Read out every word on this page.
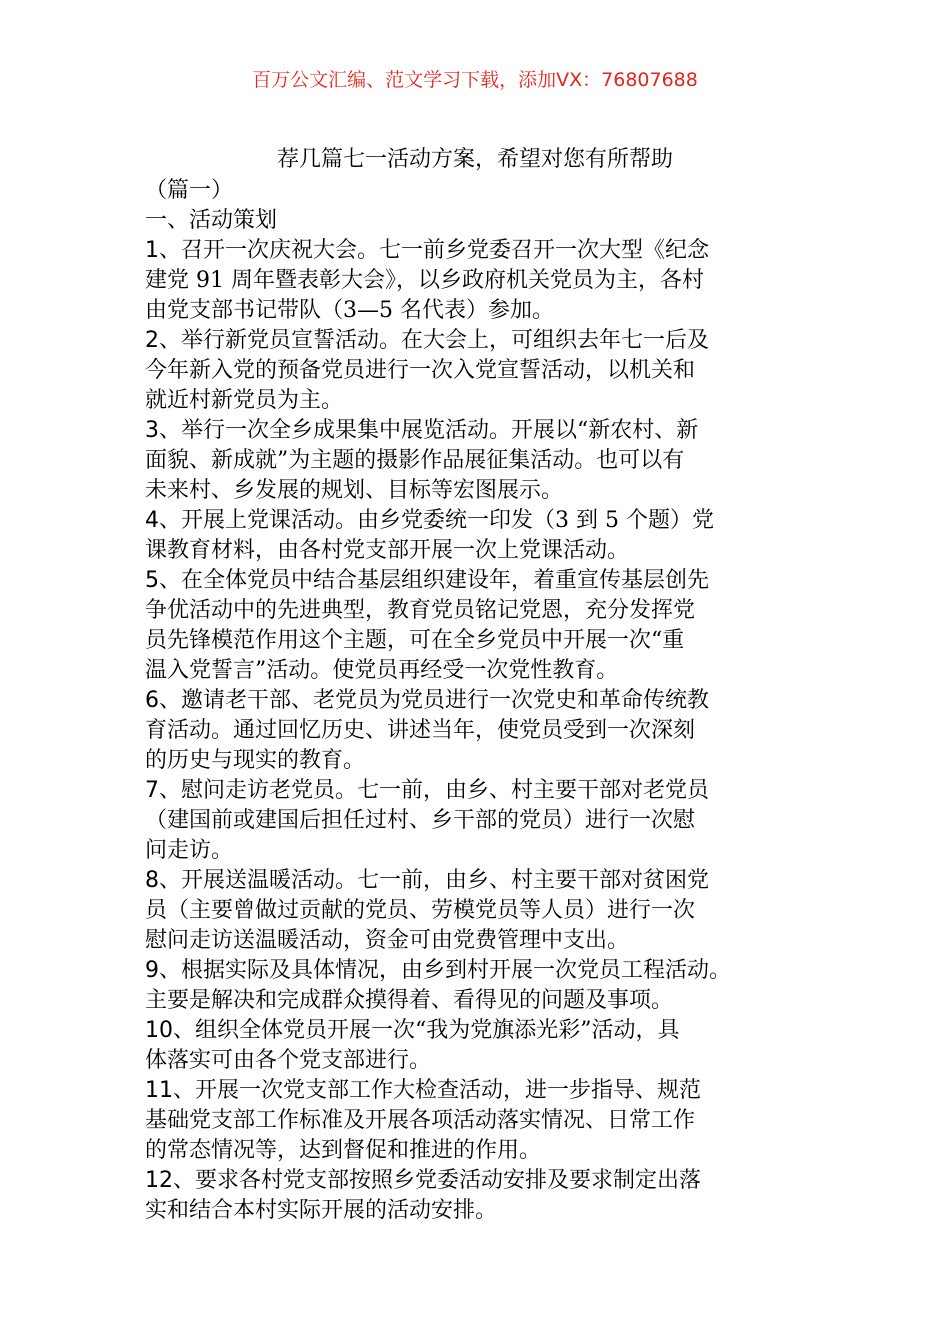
百万公文汇编、范文学习下载，添加VX：76807688
荐几篇七一活动方案，希望对您有所帮助
（篇一）
一、活动策划

1、召开一次庆祝大会。七一前乡党委召开一次大型《纪念
建党 91 周年暨表彰大会》，以乡政府机关党员为主，各村
由党支部书记带队（3—5 名代表）参加。

2、举行新党员宣誓活动。在大会上，可组织去年七一后及
今年新入党的预备党员进行一次入党宣誓活动，以机关和
就近村新党员为主。

3、举行一次全乡成果集中展览活动。开展以“新农村、新
面貌、新成就”为主题的摄影作品展征集活动。也可以有
未来村、乡发展的规划、目标等宏图展示。

4、开展上党课活动。由乡党委统一印发（3 到 5 个题）党
课教育材料，由各村党支部开展一次上党课活动。

5、在全体党员中结合基层组织建设年，着重宣传基层创先
争优活动中的先进典型，教育党员铭记党恩，充分发挥党
员先锋模范作用这个主题，可在全乡党员中开展一次“重
温入党誓言”活动。使党员再经受一次党性教育。

6、邀请老干部、老党员为党员进行一次党史和革命传统教
育活动。通过回忆历史、讲述当年，使党员受到一次深刻
的历史与现实的教育。

7、慰问走访老党员。七一前，由乡、村主要干部对老党员
（建国前或建国后担任过村、乡干部的党员）进行一次慰
问走访。

8、开展送温暖活动。七一前，由乡、村主要干部对贫困党
员（主要曾做过贡献的党员、劳模党员等人员）进行一次
慰问走访送温暖活动，资金可由党费管理中支出。

9、根据实际及具体情况，由乡到村开展一次党员工程活动。
主要是解决和完成群众摸得着、看得见的问题及事项。

10、组织全体党员开展一次“我为党旗添光彩”活动，具
体落实可由各个党支部进行。

11、开展一次党支部工作大检查活动，进一步指导、规范
基础党支部工作标准及开展各项活动落实情况、日常工作
的常态情况等，达到督促和推进的作用。

12、要求各村党支部按照乡党委活动安排及要求制定出落
实和结合本村实际开展的活动安排。
